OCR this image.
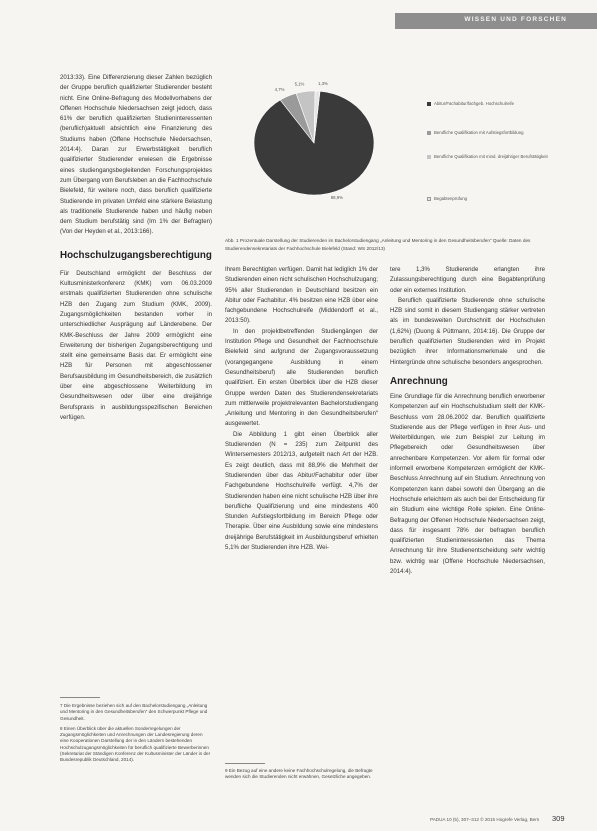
WISSEN UND FORSCHEN
88,9%
4,7%
5,1%	1,3%
Abitur/Fachabitur/fachgeb. Hochschulreife
Berufliche Qualifikation mit Aufstiegsfortbildung
Berufliche Qualifikation mit mind. dreijähriger Berufstätigkeit
Begabtenprüfung
Abb. 1 Prozentuale Darstellung der Studierenden im Bachelorstudiengang „Anleitung und Mentoring in den Gesundheitsberufen“ Quelle: Daten des Studierendensekretariats der Fachhochschule Bielefeld (Stand: WS 2012/13)

2013:33). Eine Differenzierung dieser Zahlen bezüglich der Gruppe beruflich qualifizierter Studierender besteht nicht. Eine Online-Befragung des Modellvorhabens der Offenen Hochschule Niedersachsen zeigt jedoch, dass 61% der beruflich qualifizierten Studieninteressenten (beruflich)aktuell absichtlich eine Finanzierung des Studiums haben (Offene Hochschule Niedersachsen, 2014:4). Daran zur Erwerbstätigkeit beruflich qualifizierter Studierender erwiesen die Ergebnisse eines studiengangsbegleitenden Forschungsprojektes zum Übergang vom Berufsleben an die Fachhochschule Bielefeld, für weitere noch, dass beruflich qualifizierte Studierende im privaten Umfeld eine stärkere Belastung als traditionelle Studierende haben und häufig neben dem Studium berufstätig sind (Im 1% der Befragten) (Von der Heyden et al., 2013:166).

Hochschulzugangsberechtigung

Für Deutschland ermöglicht der Beschluss der Kultusministerkonferenz (KMK) vom 06.03.2009 erstmals qualifizierten Studierenden ohne schulische HZB den Zugang zum Studium (KMK, 2009). Zugangsmöglichkeiten bestanden vorher in unterschiedlicher Ausprägung auf Länderebene. Der KMK-Beschluss der Jahre 2009 ermöglicht eine Erweiterung der bisherigen Zugangsberechtigung und stellt eine gemeinsame Basis dar. Er ermöglicht eine HZB für Personen mit abgeschlossener Berufsausbildung im Gesundheitsbereich, die zusätzlich über eine abgeschlossene Weiterbildung im Gesundheitswesen oder über eine dreijährige Berufspraxis in ausbildungsspezifischen Bereichen verfügen.

7 Die Ergebnisse beziehen sich auf den Bachelorstudiengang „Anleitung und Mentoring in den Gesundheitsberufen“ den Schwerpunkt Pflege und Gesundheit.
8 Einen Überblick über die aktuellen Sonderregelungen der Zugangsmöglichkeiten und Anrechnungen der Landesregierung deren eine Kooperationen Darstellung der in den Ländern bestehenden Hochschulzugangsmöglichkeiten für beruflich qualifizierte Bewerberinnen (Sekretariat der Ständigen Konferenz der Kultusminister der Länder in der Bundesrepublik Deutschland, 2014).

Ihrem Berechtigten verfügen. Damit hat lediglich 1% der Studierenden einen nicht schulischen Hochschulzugang; 95% aller Studierenden in Deutschland besitzen ein Abitur oder Fachabitur. 4% besitzen eine HZB über eine fachgebundene Hochschulreife (Middendorff et al., 2013:50).

In den projektbetreffenden Studiengängen der Institution Pflege und Gesundheit der Fachhochschule Bielefeld sind aufgrund der Zugangsvoraussetzung (vorangegangene Ausbildung in einem Gesundheitsberuf) alle Studierenden beruflich qualifiziert. Ein ersten Überblick über die HZB dieser Gruppe werden Daten des Studierendensekretariats zum mittlerweile projektrelevanten Bachelorstudiengang „Anleitung und Mentoring in den Gesundheitsberufen“ ausgewertet.

Die Abbildung 1 gibt einen Überblick aller Studierenden (N = 235) zum Zeitpunkt des Wintersemesters 2012/13, aufgeteilt nach Art der HZB. Es zeigt deutlich, dass mit 88,9% die Mehrheit der Studierenden über das Abitur/Fachabitur oder über Fachgebundene Hochschulreife verfügt. 4,7% der Studierenden haben eine nicht schulische HZB über ihre berufliche Qualifizierung und eine mindestens 400 Stunden Aufstiegsfortbildung im Bereich Pflege oder Therapie. Über eine Ausbildung sowie eine mindestens dreijährige Berufstätigkeit im Ausbildungsberuf erhielten 5,1% der Studierenden ihre HZB. Wei-

9 Ein Bezug auf eine andere keine Fachhochschulregelung, die Befragte wenden sich die Studierenden nicht erwähnen, Gesetzliche angegeben.

tere 1,3% Studierende erlangten ihre Zulassungsberechtigung durch eine Begabtenprüfung oder ein externes Institution.

Beruflich qualifizierte Studierende ohne schulische HZB sind somit in diesem Studiengang stärker vertreten als im bundesweiten Durchschnitt der Hochschulen (1,62%) (Duong & Püttmann, 2014:16). Die Gruppe der beruflich qualifizierten Studierenden wird im Projekt bezüglich ihrer Informationsmerkmale und die Hintergründe ohne schulische besonders angesprochen.

Anrechnung

Eine Grundlage für die Anrechnung beruflich erworbener Kompetenzen auf ein Hochschulstudium stellt der KMK-Beschluss vom 28.06.2002 dar. Beruflich qualifizierte Studierende aus der Pflege verfügen in ihrer Aus- und Weiterbildungen, wie zum Beispiel zur Leitung im Pflegebereich oder Gesundheitswesen über anrechenbare Kompetenzen. Vor allem für formal oder informell erworbene Kompetenzen ermöglicht der KMK-Beschluss Anrechnung auf ein Studium. Anrechnung von Kompetenzen kann dabei sowohl den Übergang an die Hochschule erleichtern als auch bei der Entscheidung für ein Studium eine wichtige Rolle spielen. Eine Online-Befragung der Offenen Hochschule Niedersachsen zeigt, dass für insgesamt 78% der befragten beruflich qualifizierten Studieninteressierten das Thema Anrechnung für ihre Studienentscheidung sehr wichtig bzw. wichtig war (Offene Hochschule Niedersachsen, 2014:4).

PADUA 10 (5), 307–312 © 2015 Hogrefe Verlag, Bern 309
